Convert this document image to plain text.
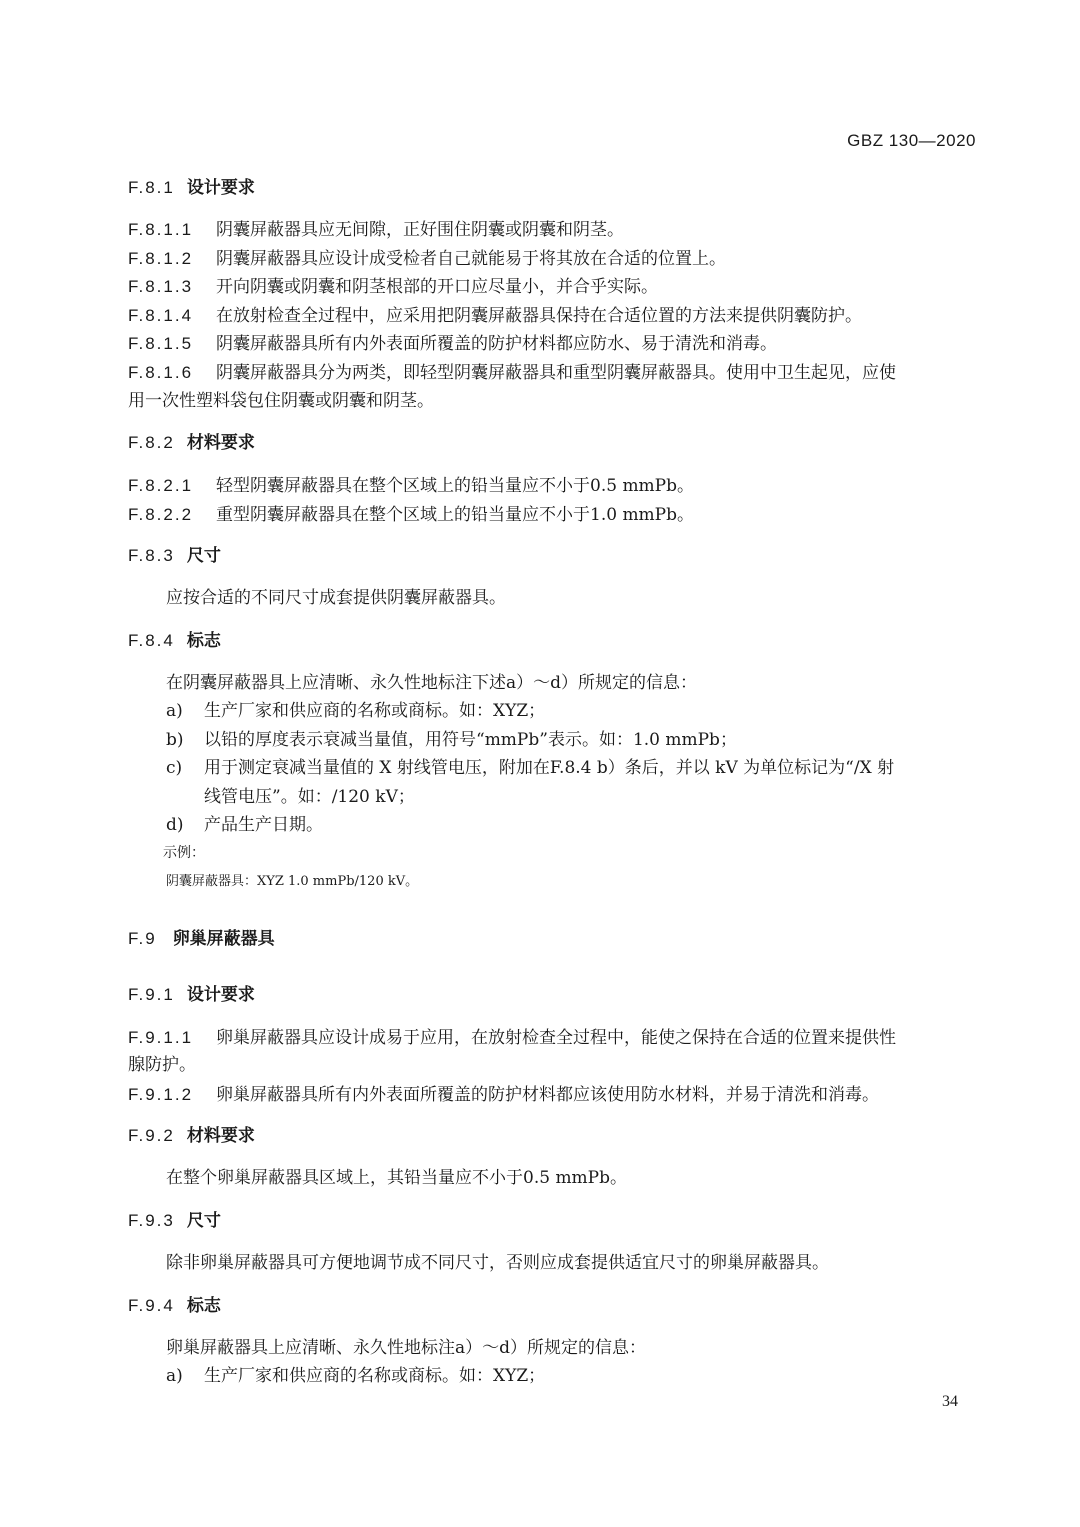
GBZ 130—2020
F.8.1 设计要求
F.8.1.1 阴囊屏蔽器具应无间隙，正好围住阴囊或阴囊和阴茎。
F.8.1.2 阴囊屏蔽器具应设计成受检者自己就能易于将其放在合适的位置上。
F.8.1.3 开向阴囊或阴囊和阴茎根部的开口应尽量小，并合乎实际。
F.8.1.4 在放射检查全过程中，应采用把阴囊屏蔽器具保持在合适位置的方法来提供阴囊防护。
F.8.1.5 阴囊屏蔽器具所有内外表面所覆盖的防护材料都应防水、易于清洗和消毒。
F.8.1.6 阴囊屏蔽器具分为两类，即轻型阴囊屏蔽器具和重型阴囊屏蔽器具。使用中卫生起见，应使
用一次性塑料袋包住阴囊或阴囊和阴茎。
F.8.2 材料要求
F.8.2.1 轻型阴囊屏蔽器具在整个区域上的铅当量应不小于0.5 mmPb。
F.8.2.2 重型阴囊屏蔽器具在整个区域上的铅当量应不小于1.0 mmPb。
F.8.3 尺寸
应按合适的不同尺寸成套提供阴囊屏蔽器具。
F.8.4 标志
在阴囊屏蔽器具上应清晰、永久性地标注下述a）～d）所规定的信息：
a) 生产厂家和供应商的名称或商标。如：XYZ；
b) 以铅的厚度表示衰减当量值，用符号“mmPb”表示。如：1.0 mmPb；
c) 用于测定衰减当量值的 X 射线管电压，附加在F.8.4 b）条后，并以 kV 为单位标记为“/X 射
线管电压”。如：/120 kV；
d) 产品生产日期。
示例：
阴囊屏蔽器具：XYZ 1.0 mmPb/120 kV。
F.9 卵巢屏蔽器具
F.9.1 设计要求
F.9.1.1 卵巢屏蔽器具应设计成易于应用，在放射检查全过程中，能使之保持在合适的位置来提供性
腺防护。
F.9.1.2 卵巢屏蔽器具所有内外表面所覆盖的防护材料都应该使用防水材料，并易于清洗和消毒。
F.9.2 材料要求
在整个卵巢屏蔽器具区域上，其铅当量应不小于0.5 mmPb。
F.9.3 尺寸
除非卵巢屏蔽器具可方便地调节成不同尺寸，否则应成套提供适宜尺寸的卵巢屏蔽器具。
F.9.4 标志
卵巢屏蔽器具上应清晰、永久性地标注a）～d）所规定的信息：
a) 生产厂家和供应商的名称或商标。如：XYZ；
34
